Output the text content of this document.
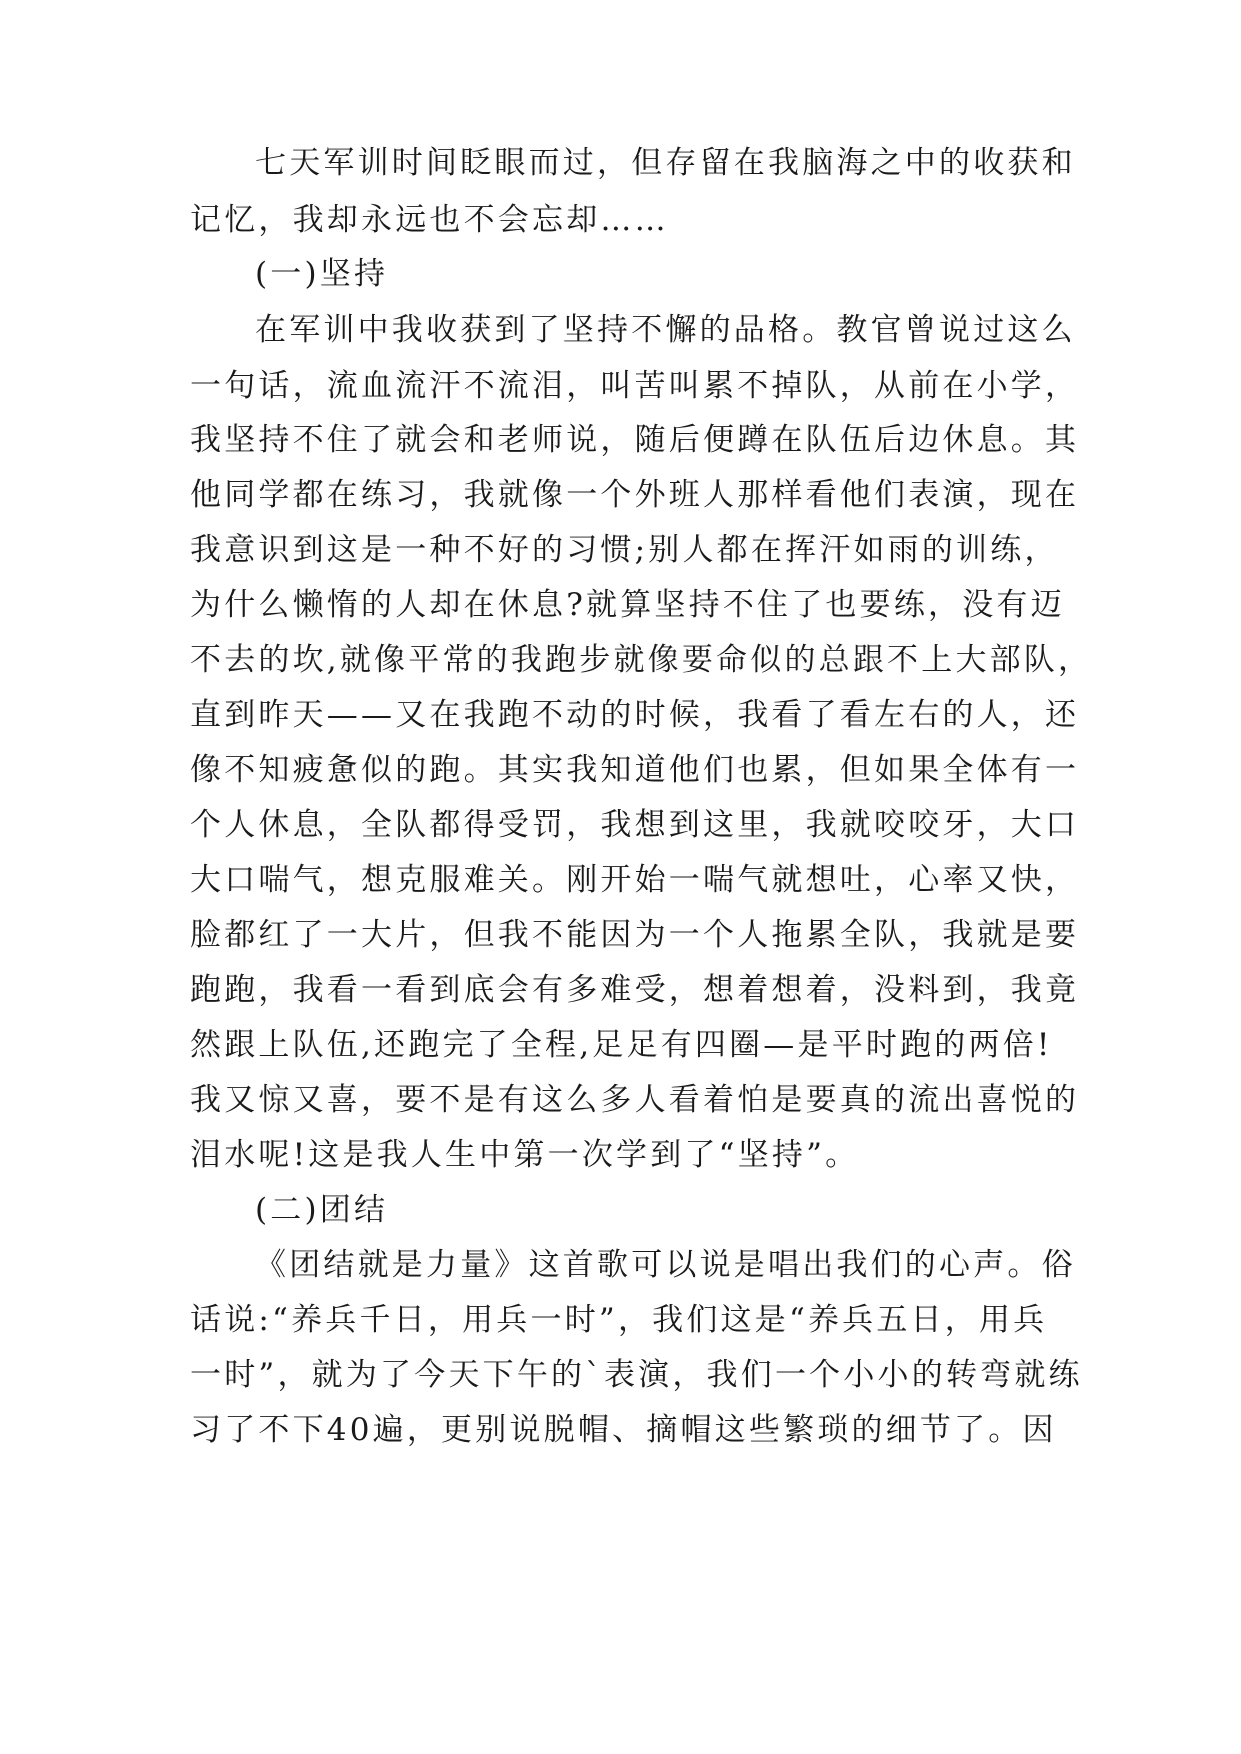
七天军训时间眨眼而过，但存留在我脑海之中的收获和
记忆，我却永远也不会忘却……
(一)坚持
在军训中我收获到了坚持不懈的品格。教官曾说过这么
一句话，流血流汗不流泪，叫苦叫累不掉队，从前在小学，
我坚持不住了就会和老师说，随后便蹲在队伍后边休息。其
他同学都在练习，我就像一个外班人那样看他们表演，现在
我意识到这是一种不好的习惯;别人都在挥汗如雨的训练，
为什么懒惰的人却在休息?就算坚持不住了也要练，没有迈
不去的坎,就像平常的我跑步就像要命似的总跟不上大部队，
直到昨天——又在我跑不动的时候，我看了看左右的人，还
像不知疲惫似的跑。其实我知道他们也累，但如果全体有一
个人休息，全队都得受罚，我想到这里，我就咬咬牙，大口
大口喘气，想克服难关。刚开始一喘气就想吐，心率又快，
脸都红了一大片，但我不能因为一个人拖累全队，我就是要
跑跑，我看一看到底会有多难受，想着想着，没料到，我竟
然跟上队伍,还跑完了全程,足足有四圈—是平时跑的两倍!
我又惊又喜，要不是有这么多人看着怕是要真的流出喜悦的
泪水呢!这是我人生中第一次学到了“坚持”。
(二)团结
《团结就是力量》这首歌可以说是唱出我们的心声。俗
话说:“养兵千日，用兵一时”，我们这是“养兵五日，用兵
一时”，就为了今天下午的`表演，我们一个小小的转弯就练
习了不下40遍，更别说脱帽、摘帽这些繁琐的细节了。因
